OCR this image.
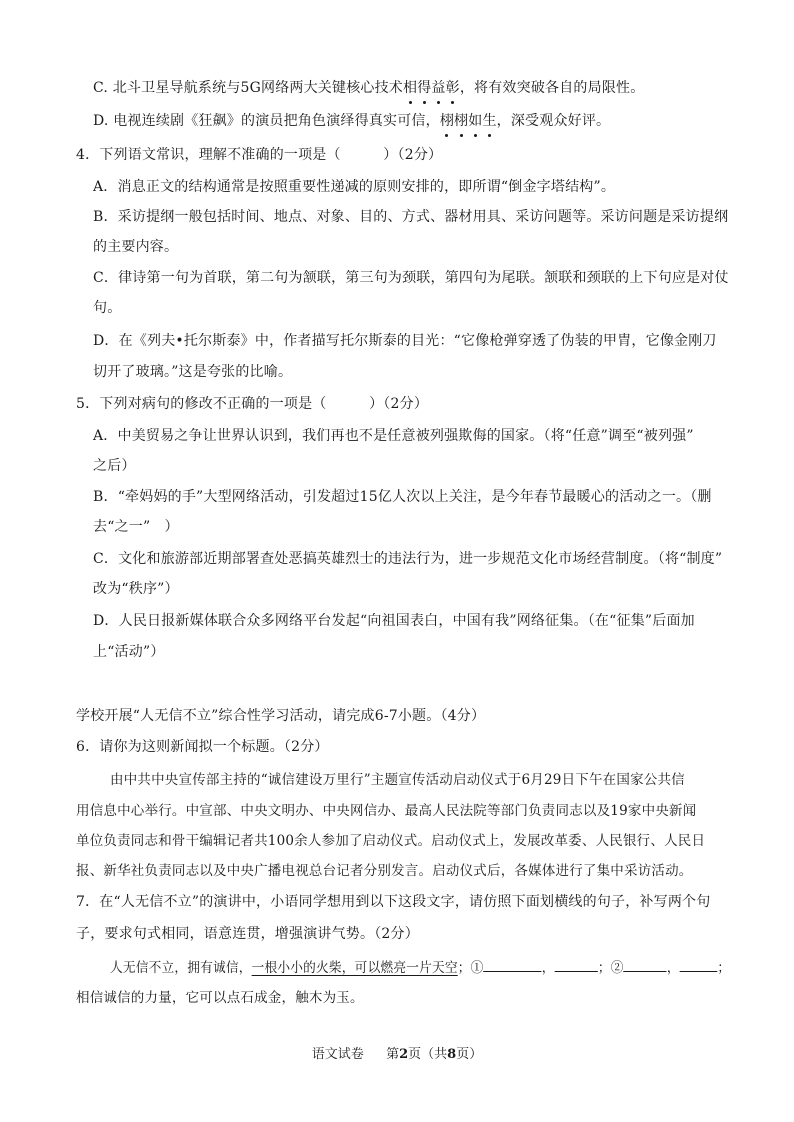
C. 北斗卫星导航系统与5G网络两大关键核心技术相得益彰，将有效突破各自的局限性。
D. 电视连续剧《狂飙》的演员把角色演绎得真实可信，栩栩如生，深受观众好评。
4．下列语文常识，理解不准确的一项是（　　　）（2分）
A．消息正文的结构通常是按照重要性递减的原则安排的，即所谓“倒金字塔结构”。
B．采访提纲一般包括时间、地点、对象、目的、方式、器材用具、采访问题等。采访问题是采访提纲
的主要内容。
C．律诗第一句为首联，第二句为颔联，第三句为颈联，第四句为尾联。颔联和颈联的上下句应是对仗
句。
D．在《列夫•托尔斯泰》中，作者描写托尔斯泰的目光：“它像枪弹穿透了伪装的甲胄，它像金刚刀
切开了玻璃。”这是夸张的比喻。
5．下列对病句的修改不正确的一项是（　　　）（2分）
A．中美贸易之争让世界认识到，我们再也不是任意被列强欺侮的国家。（将“任意”调至“被列强”
之后）
B．“牵妈妈的手”大型网络活动，引发超过15亿人次以上关注，是今年春节最暖心的活动之一。（删
去“之一”　）
C．文化和旅游部近期部署查处恶搞英雄烈士的违法行为，进一步规范文化市场经营制度。（将“制度”
改为“秩序”）
D．人民日报新媒体联合众多网络平台发起“向祖国表白，中国有我”网络征集。（在“征集”后面加
上“活动”）
学校开展“人无信不立”综合性学习活动，请完成6-7小题。（4分）
6．请你为这则新闻拟一个标题。（2分）
由中共中央宣传部主持的“诚信建设万里行”主题宣传活动启动仪式于6月29日下午在国家公共信
用信息中心举行。中宣部、中央文明办、中央网信办、最高人民法院等部门负责同志以及19家中央新闻
单位负责同志和骨干编辑记者共100余人参加了启动仪式。启动仪式上，发展改革委、人民银行、人民日
报、新华社负责同志以及中央广播电视总台记者分别发言。启动仪式后，各媒体进行了集中采访活动。
7．在“人无信不立”的演讲中，小语同学想用到以下这段文字，请仿照下面划横线的句子，补写两个句
子，要求句式相同，语意连贯，增强演讲气势。（2分）
人无信不立，拥有诚信，一根小小的火柴，可以燃亮一片天空；①	，	；②	，	；
相信诚信的力量，它可以点石成金，触木为玉。
语文试卷 第2页（共8页）
